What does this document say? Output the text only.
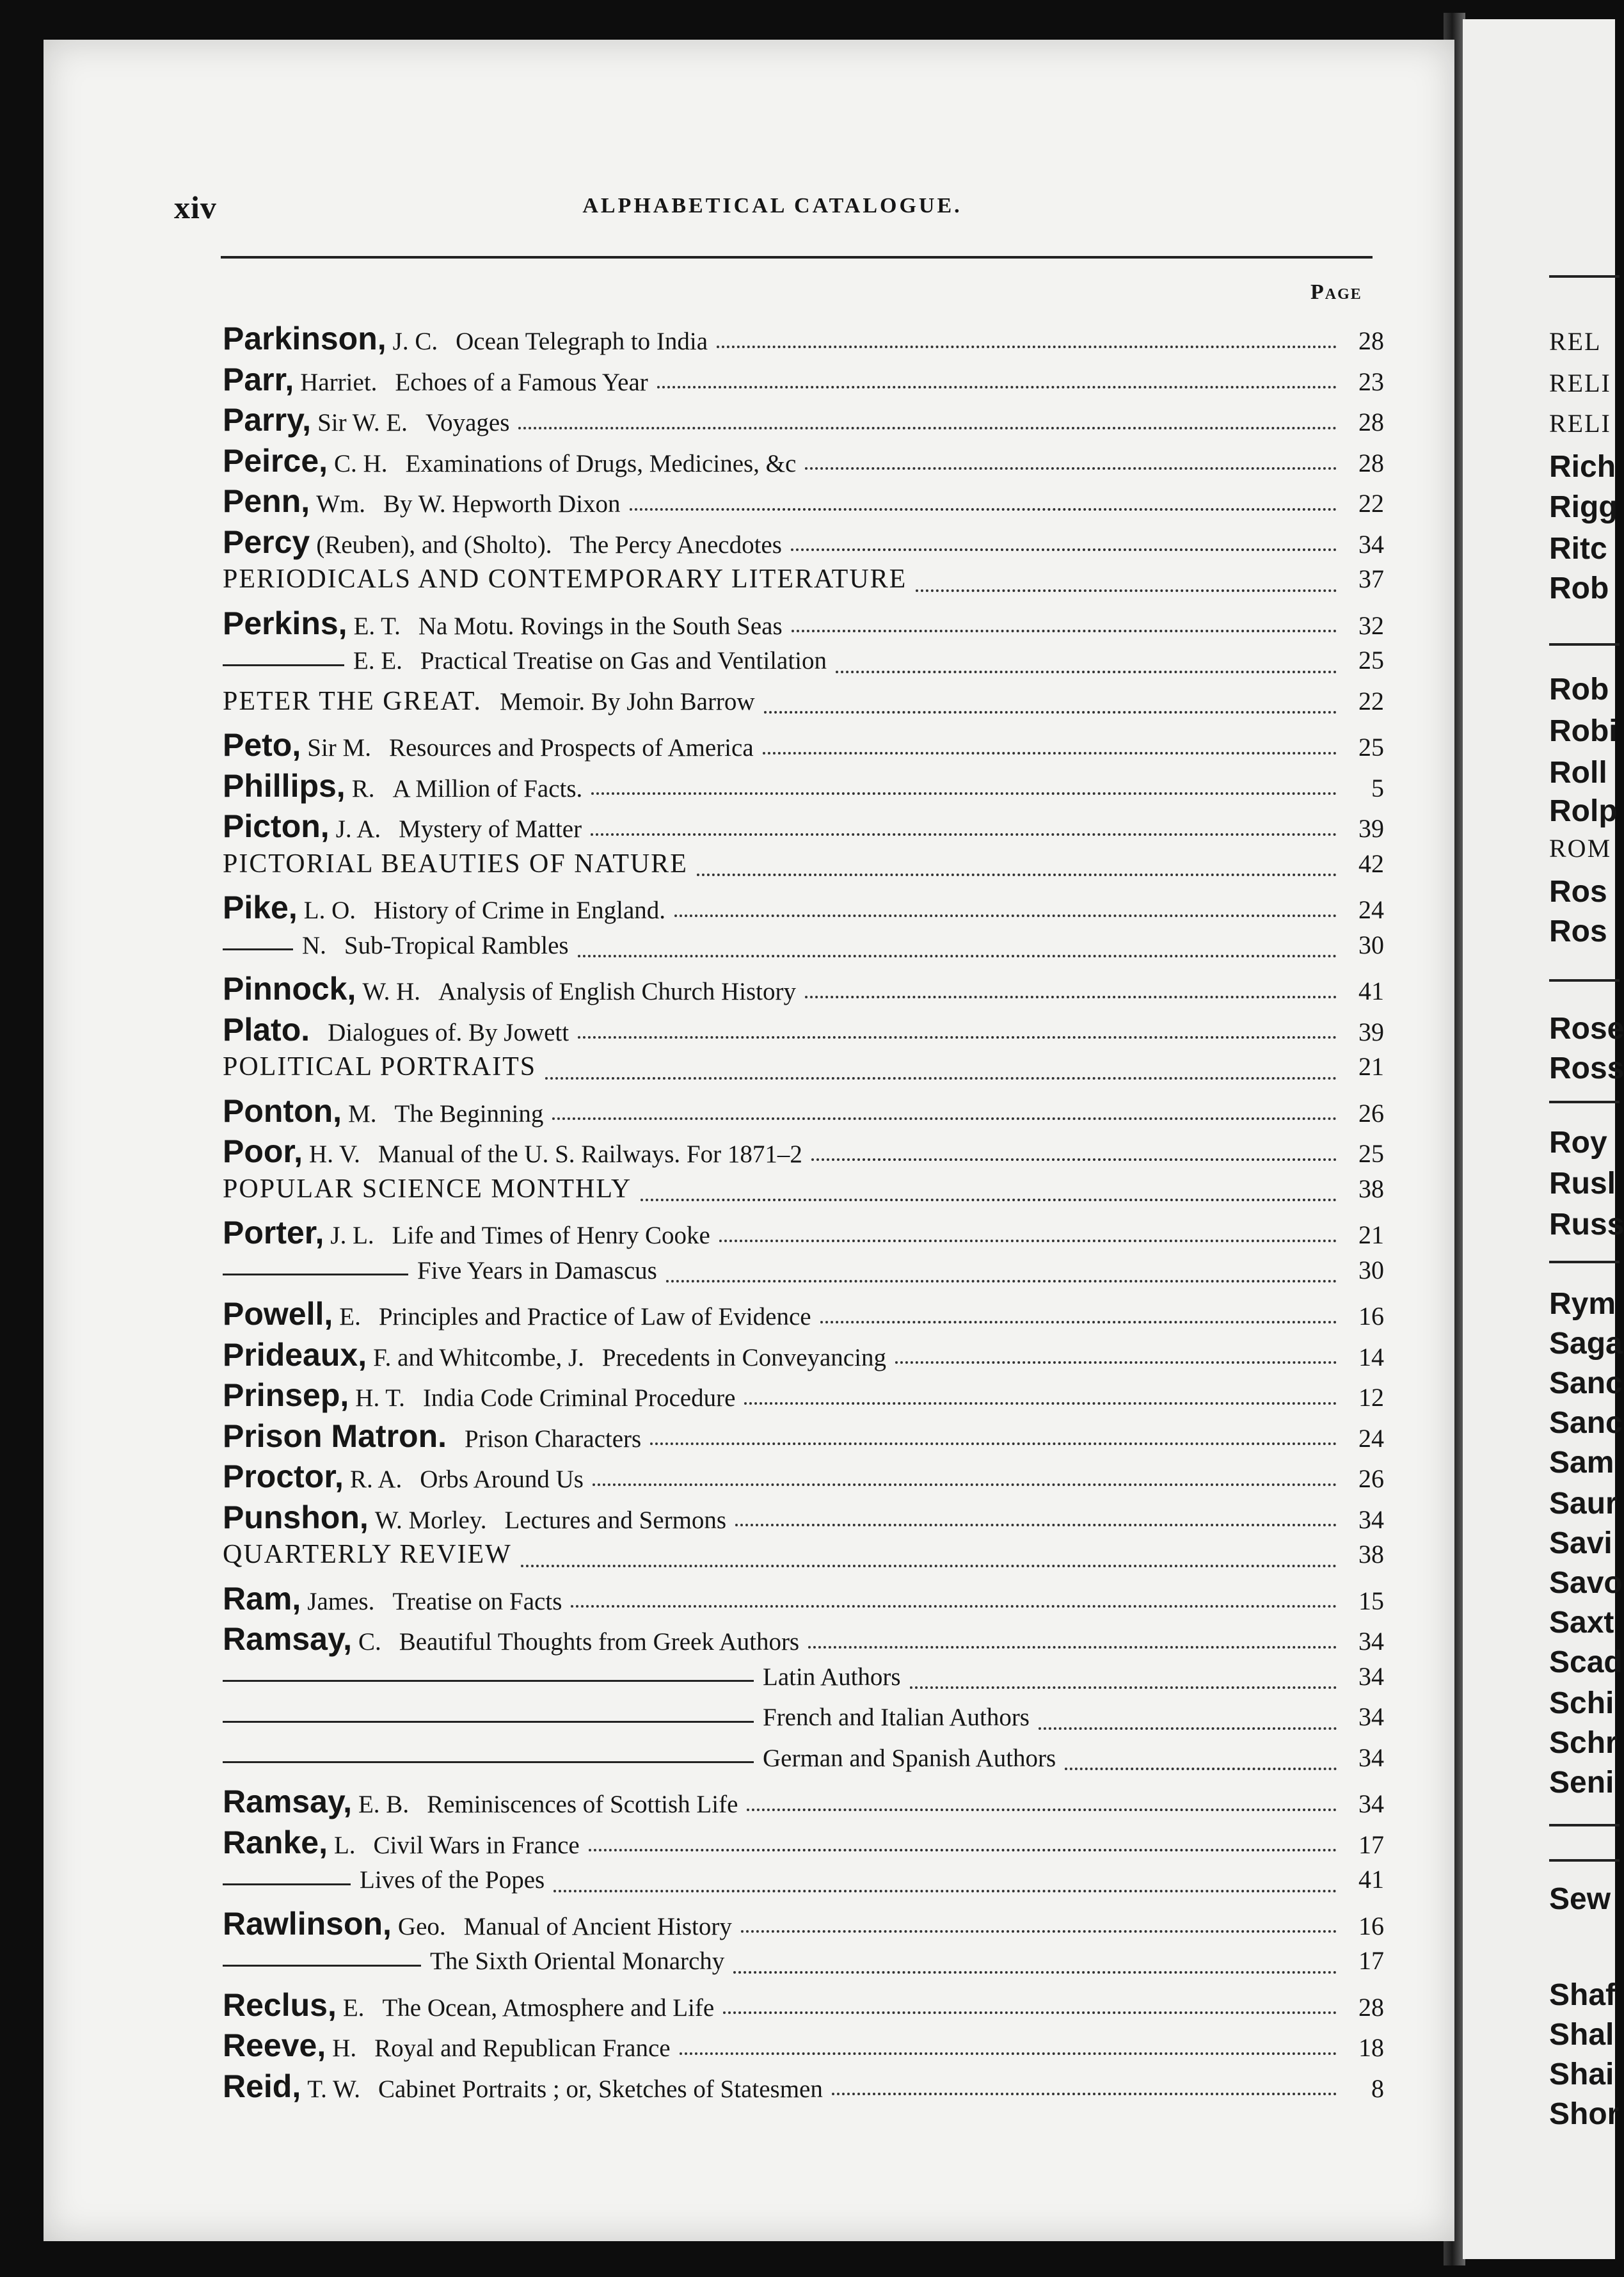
REL
RELI
RELI
Rich
Rigg
Ritc
Rob
Rob
Robi
Roll
Rolp
ROM
Ros
Ros
Rose
Ross
Roy
Rusl
Russ
Rym
Saga
Sanc
Sanc
Sam
Saur
Savi
Savo
Saxt
Scad
Schi
Schr
Seni
Sew
Shaf
Shal
Shai
Shor
xiv	ALPHABETICAL CATALOGUE.
Page
Parkinson, J. C. Ocean Telegraph to India	28
Parr, Harriet. Echoes of a Famous Year	23
Parry, Sir W. E. Voyages	28
Peirce, C. H. Examinations of Drugs, Medicines, &c	28
Penn, Wm. By W. Hepworth Dixon	22
Percy (Reuben), and (Sholto). The Percy Anecdotes	34
PERIODICALS AND CONTEMPORARY LITERATURE	37
Perkins, E. T. Na Motu. Rovings in the South Seas	32
E. E. Practical Treatise on Gas and Ventilation	25
PETER THE GREAT. Memoir. By John Barrow	22
Peto, Sir M. Resources and Prospects of America	25
Phillips, R. A Million of Facts.	5
Picton, J. A. Mystery of Matter	39
PICTORIAL BEAUTIES OF NATURE	42
Pike, L. O. History of Crime in England.	24
N. Sub-Tropical Rambles	30
Pinnock, W. H. Analysis of English Church History	41
Plato. Dialogues of. By Jowett	39
POLITICAL PORTRAITS	21
Ponton, M. The Beginning	26
Poor, H. V. Manual of the U. S. Railways. For 1871–2	25
POPULAR SCIENCE MONTHLY	38
Porter, J. L. Life and Times of Henry Cooke	21
Five Years in Damascus	30
Powell, E. Principles and Practice of Law of Evidence	16
Prideaux, F. and Whitcombe, J. Precedents in Conveyancing	14
Prinsep, H. T. India Code Criminal Procedure	12
Prison Matron. Prison Characters	24
Proctor, R. A. Orbs Around Us	26
Punshon, W. Morley. Lectures and Sermons	34
QUARTERLY REVIEW	38
Ram, James. Treatise on Facts	15
Ramsay, C. Beautiful Thoughts from Greek Authors	34
Latin Authors	34
French and Italian Authors	34
German and Spanish Authors	34
Ramsay, E. B. Reminiscences of Scottish Life	34
Ranke, L. Civil Wars in France	17
Lives of the Popes	41
Rawlinson, Geo. Manual of Ancient History	16
The Sixth Oriental Monarchy	17
Reclus, E. The Ocean, Atmosphere and Life	28
Reeve, H. Royal and Republican France	18
Reid, T. W. Cabinet Portraits ; or, Sketches of Statesmen	8
